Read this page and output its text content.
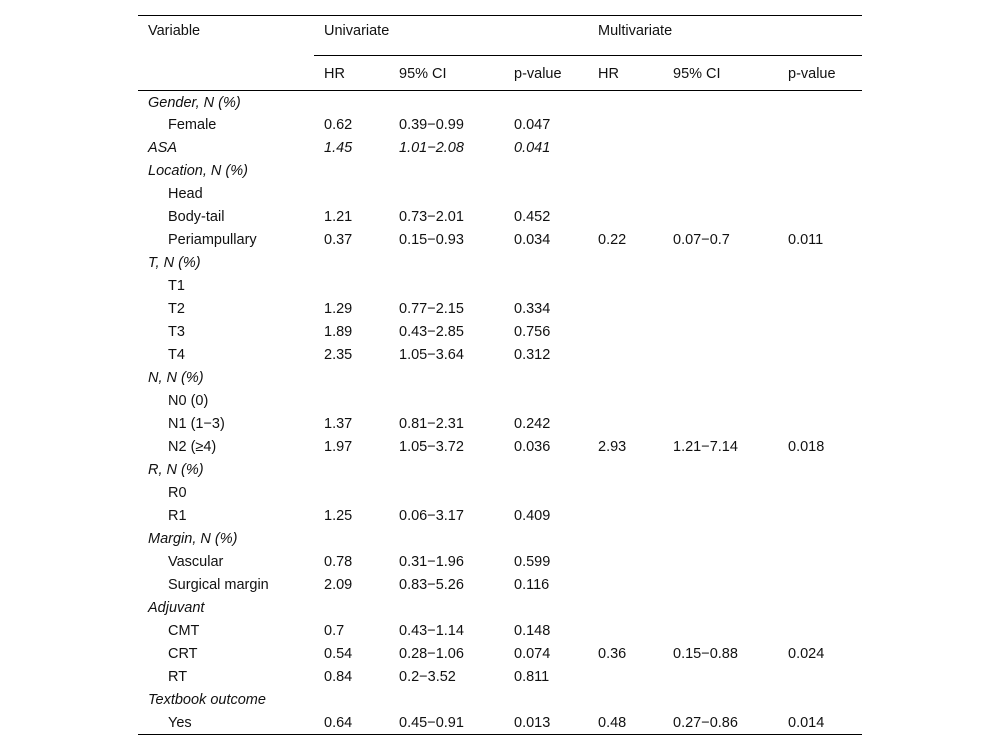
Variable	Univariate			Multivariate		
	HR	95% CI	p-value	HR	95% CI	p-value
Gender, N (%)						
Female	0.62	0.39−0.99	0.047			
ASA	1.45	1.01−2.08	0.041			
Location, N (%)						
Head						
Body-tail	1.21	0.73−2.01	0.452			
Periampullary	0.37	0.15−0.93	0.034	0.22	0.07−0.7	0.011
T, N (%)						
T1						
T2	1.29	0.77−2.15	0.334			
T3	1.89	0.43−2.85	0.756			
T4	2.35	1.05−3.64	0.312			
N, N (%)						
N0 (0)						
N1 (1−3)	1.37	0.81−2.31	0.242			
N2 (≥4)	1.97	1.05−3.72	0.036	2.93	1.21−7.14	0.018
R, N (%)						
R0						
R1	1.25	0.06−3.17	0.409			
Margin, N (%)						
Vascular	0.78	0.31−1.96	0.599			
Surgical margin	2.09	0.83−5.26	0.116			
Adjuvant						
CMT	0.7	0.43−1.14	0.148			
CRT	0.54	0.28−1.06	0.074	0.36	0.15−0.88	0.024
RT	0.84	0.2−3.52	0.811			
Textbook outcome						
Yes	0.64	0.45−0.91	0.013	0.48	0.27−0.86	0.014
